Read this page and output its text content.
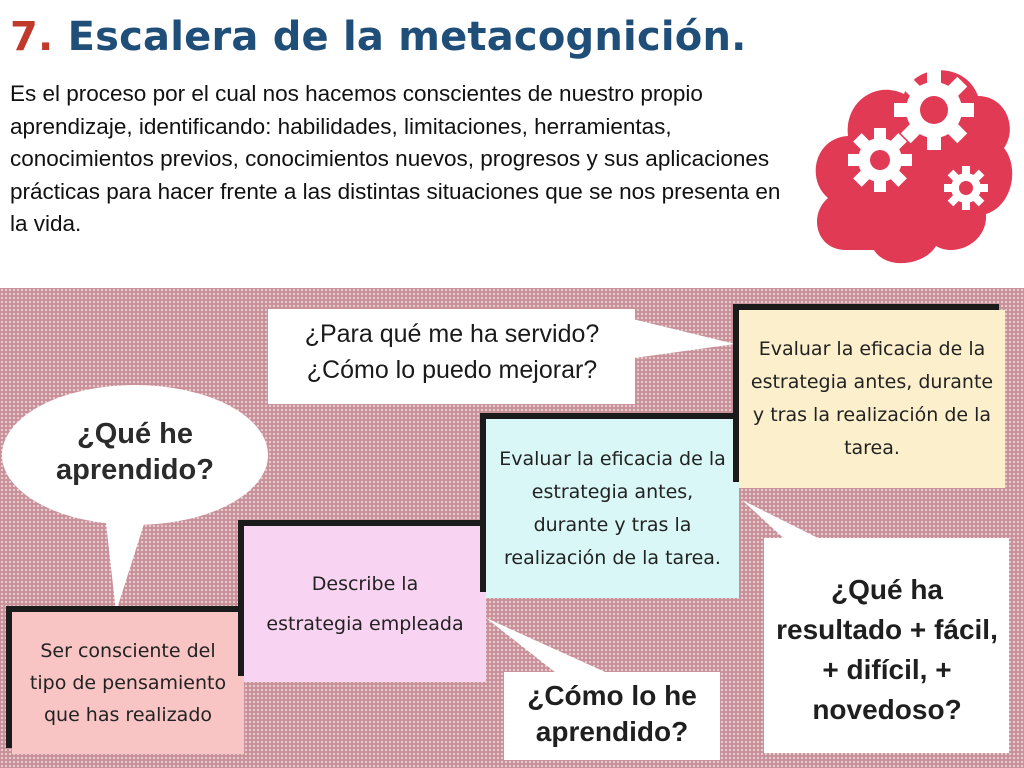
7. Escalera de la metacognición.

Es el proceso por el cual nos hacemos conscientes de nuestro propio aprendizaje, identificando: habilidades, limitaciones, herramientas, conocimientos previos, conocimientos nuevos, progresos y sus aplicaciones prácticas para hacer frente a las distintas situaciones que se nos presenta en la vida.

Ser consciente del tipo de pensamiento que has realizado
Describe la estrategia empleada
Evaluar la eficacia de la estrategia antes, durante y tras la realización de la tarea.
Evaluar la eficacia de la estrategia antes, durante y tras la realización de la tarea.
¿Qué he aprendido?
¿Para qué me ha servido? ¿Cómo lo puedo mejorar?
¿Cómo lo he aprendido?
¿Qué ha resultado + fácil, + difícil, + novedoso?
